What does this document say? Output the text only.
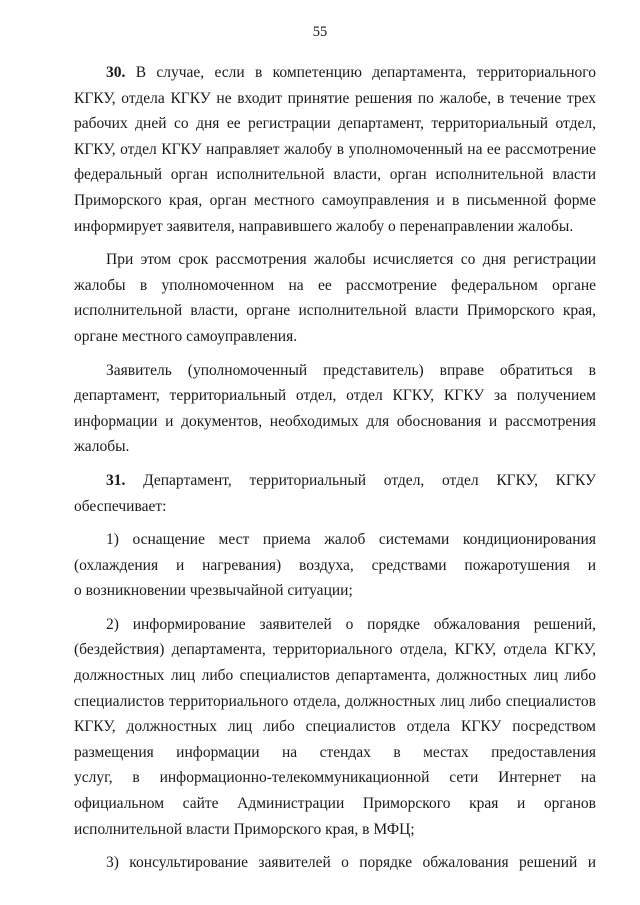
55
30. В случае, если в компетенцию департамента, территориального
КГКУ, отдела КГКУ не входит принятие решения по жалобе, в течение трех
рабочих дней со дня ее регистрации департамент, территориальный отдел,
КГКУ, отдел КГКУ направляет жалобу в уполномоченный на ее рассмотрение
федеральный орган исполнительной власти, орган исполнительной власти
Приморского края, орган местного самоуправления и в письменной форме
информирует заявителя, направившего жалобу о перенаправлении жалобы.
При этом срок рассмотрения жалобы исчисляется со дня регистрации
жалобы в уполномоченном на ее рассмотрение федеральном органе
исполнительной власти, органе исполнительной власти Приморского края,
органе местного самоуправления.
Заявитель (уполномоченный представитель) вправе обратиться в
департамент, территориальный отдел, отдел КГКУ, КГКУ за получением
информации и документов, необходимых для обоснования и рассмотрения
жалобы.
31. Департамент, территориальный отдел, отдел КГКУ, КГКУ
обеспечивает:
1) оснащение мест приема жалоб системами кондиционирования
(охлаждения и нагревания) воздуха, средствами пожаротушения и
о возникновении чрезвычайной ситуации;
2) информирование заявителей о порядке обжалования решений,
(бездействия) департамента, территориального отдела, КГКУ, отдела КГКУ,
должностных лиц либо специалистов департамента, должностных лиц либо
специалистов территориального отдела, должностных лиц либо специалистов
КГКУ, должностных лиц либо специалистов отдела КГКУ посредством
размещения информации на стендах в местах предоставления
услуг, в информационно-телекоммуникационной сети Интернет на
официальном сайте Администрации Приморского края и органов
исполнительной власти Приморского края, в МФЦ;
3) консультирование заявителей о порядке обжалования решений и
